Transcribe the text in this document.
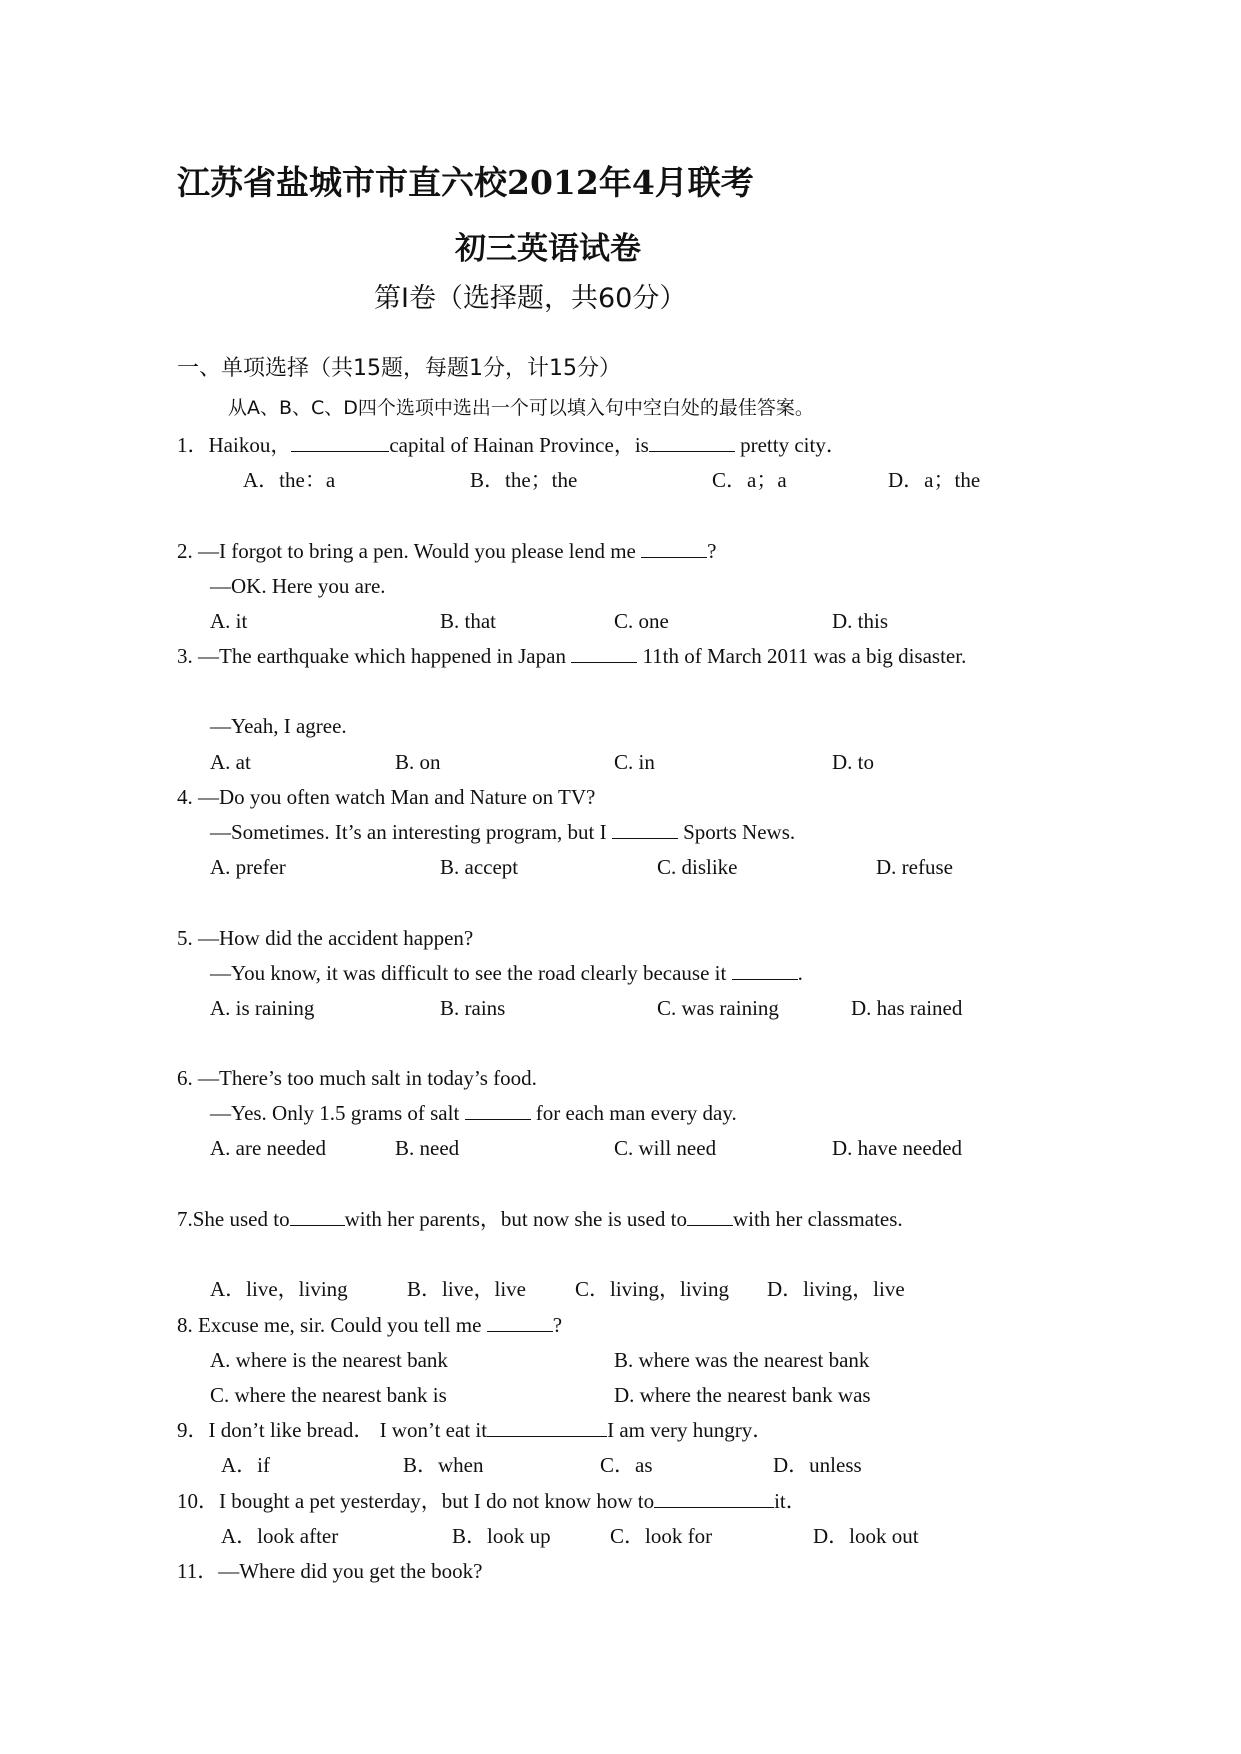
江苏省盐城市市直六校2012年4月联考
初三英语试卷
第Ⅰ卷（选择题，共60分）
一、单项选择（共15题，每题1分，计15分）
从A、B、C、D四个选项中选出一个可以填入句中空白处的最佳答案。
1．Haikou，	capital of Hainan Province，is	pretty city．
A．the：a	B．the；the	C．a；a	D．a；the
2. —I forgot to bring a pen. Would you please lend me	?
—OK. Here you are.
A. it	B. that	C. one	D. this
3. —The earthquake which happened in Japan	11th of March 2011 was a big disaster.
—Yeah, I agree.
A. at	B. on	C. in	D. to
4. —Do you often watch Man and Nature on TV?
—Sometimes. It’s an interesting program, but I	Sports News.
A. prefer	B. accept	C. dislike	D. refuse
5. —How did the accident happen?
—You know, it was difficult to see the road clearly because it	.
A. is raining	B. rains	C. was raining	D. has rained
6. —There’s too much salt in today’s food.
—Yes. Only 1.5 grams of salt	for each man every day.
A. are needed	B. need	C. will need	D. have needed
7.She used to	with her parents，but now she is used to with her classmates.
A．live，living	B．live，live C．living，living D．living，live
8. Excuse me, sir. Could you tell me	?
A. where is the nearest bank	B. where was the nearest bank
C. where the nearest bank is	D. where the nearest bank was
9．I don’t like bread． I won’t eat it	I am very hungry．
A．if	B．when	C．as	D．unless
10．I bought a pet yesterday，but I do not know how to	it．
A．look after	B．look up	C．look for	D．look out
11．—Where did you get the book?
